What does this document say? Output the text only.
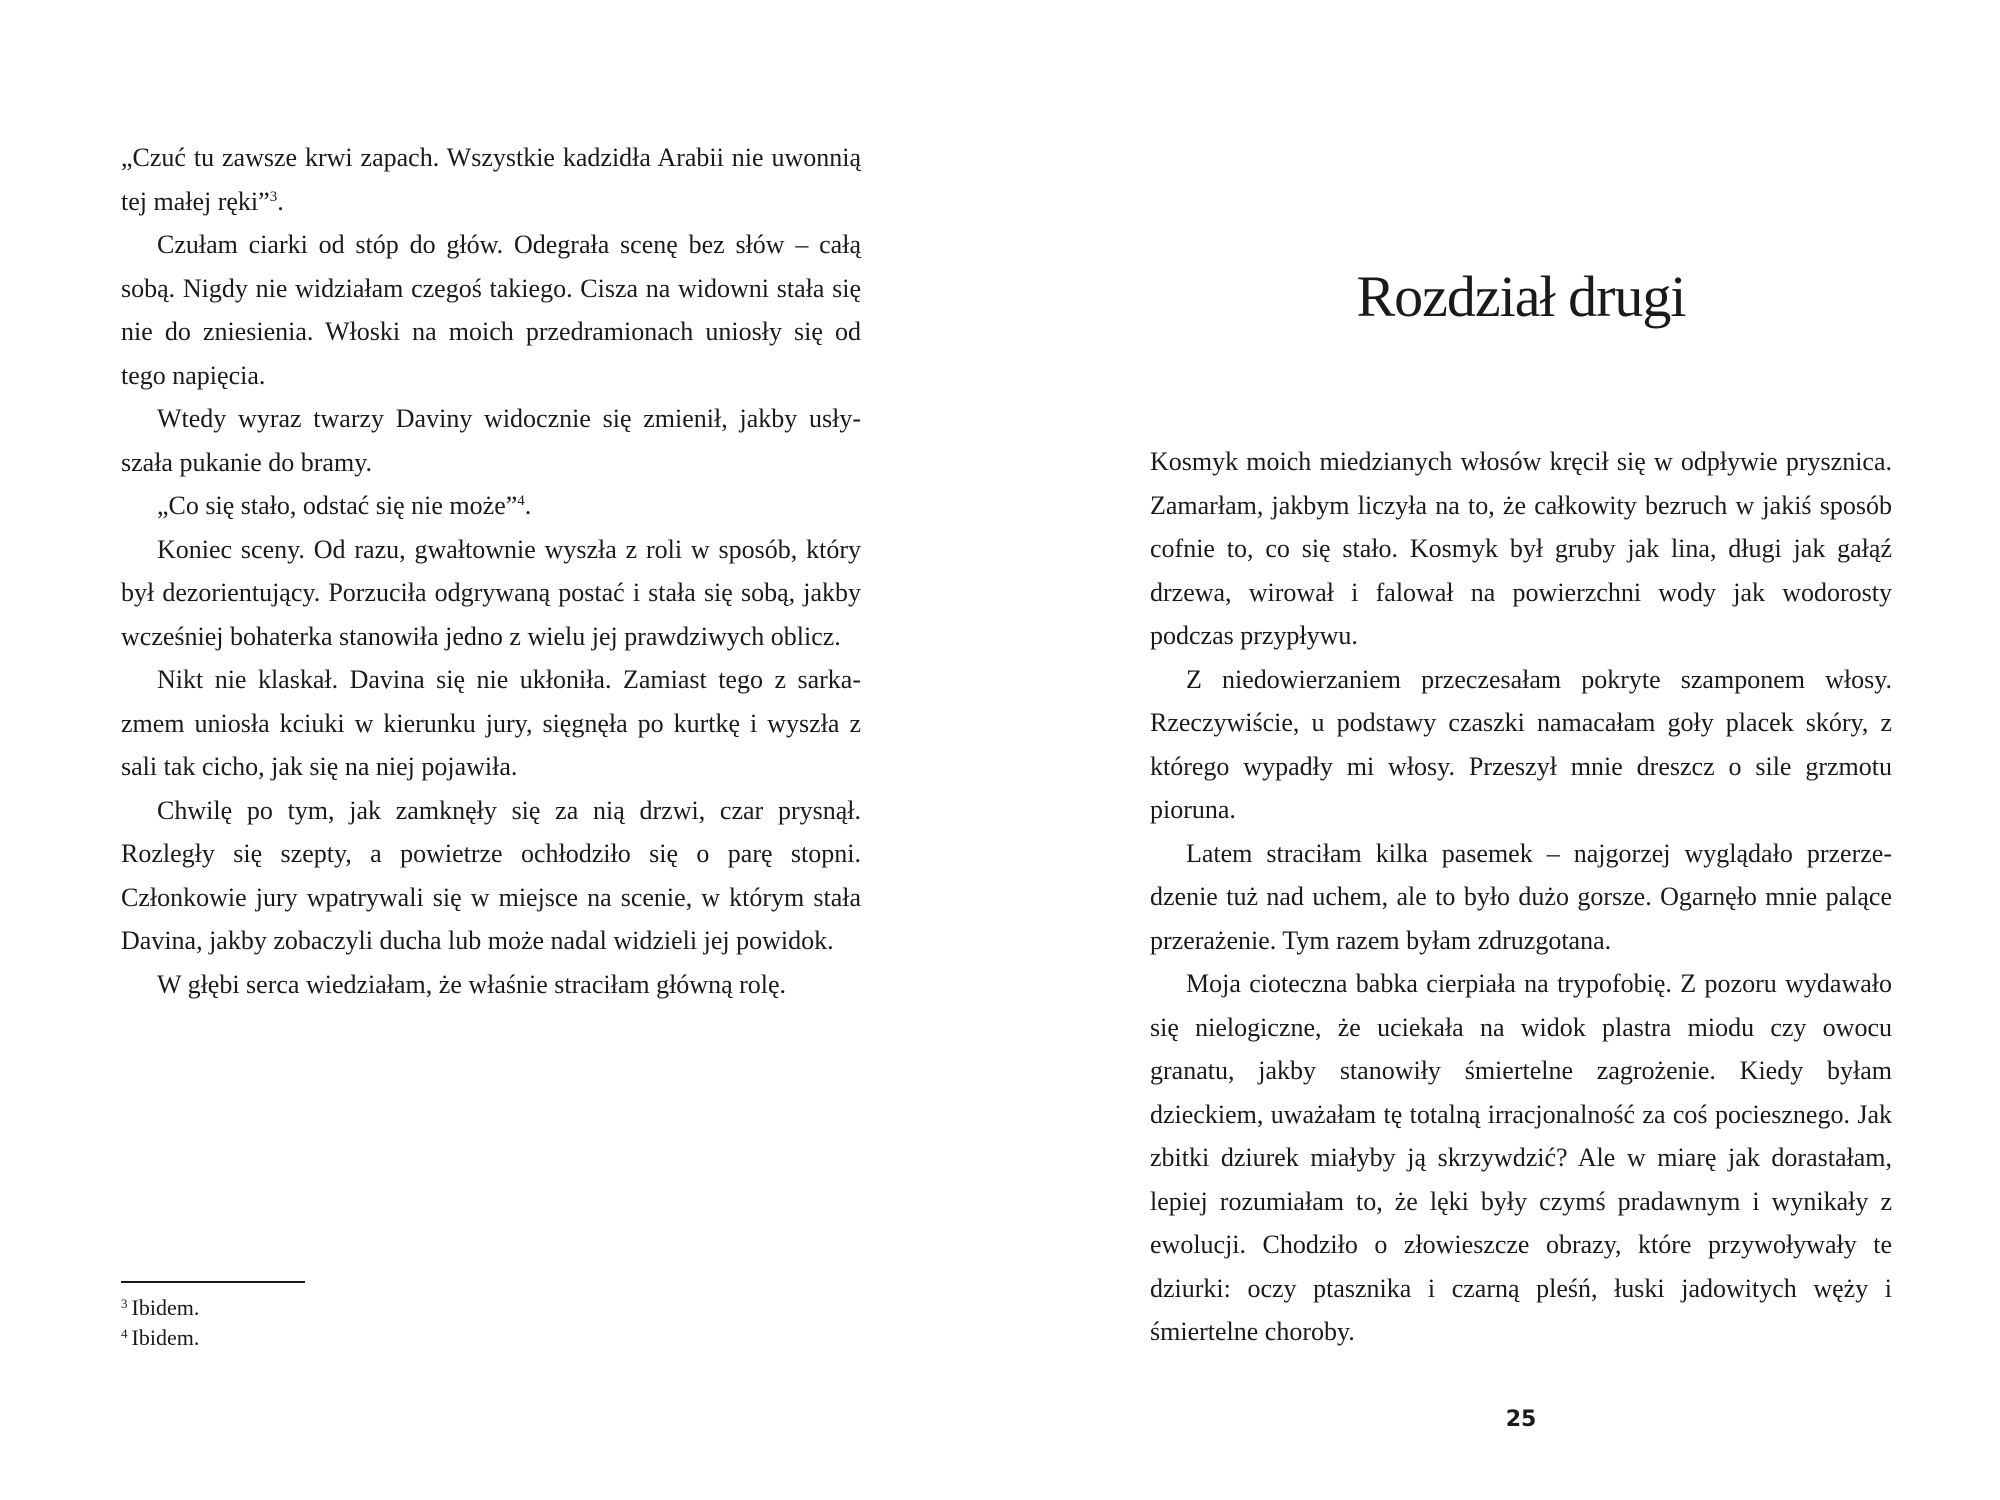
„Czuć tu zawsze krwi zapach. Wszystkie kadzidła Arabii nie uwonnią tej małej ręki”$^3$.

Czułam ciarki od stóp do głów. Odegrała scenę bez słów – całą sobą. Nigdy nie widziałam czegoś takiego. Cisza na widowni stała się nie do zniesienia. Włoski na moich przedramionach uniosły się od tego napięcia.

Wtedy wyraz twarzy Daviny widocznie się zmienił, jakby usłyszała pukanie do bramy.

„Co się stało, odstać się nie może”$^4$.

Koniec sceny. Od razu, gwałtownie wyszła z roli w sposób, który był dezorientujący. Porzuciła odgrywaną postać i stała się sobą, jakby wcześniej bohaterka stanowiła jedno z wielu jej prawdziwych oblicz.

Nikt nie klaskał. Davina się nie ukłoniła. Zamiast tego z sarkazmem uniosła kciuki w kierunku jury, sięgnęła po kurtkę i wyszła z sali tak cicho, jak się na niej pojawiła.

Chwilę po tym, jak zamknęły się za nią drzwi, czar prysnął. Rozległy się szepty, a powietrze ochłodziło się o parę stopni. Członkowie jury wpatrywali się w miejsce na scenie, w którym stała Davina, jakby zobaczyli ducha lub może nadal widzieli jej powidok.

W głębi serca wiedziałam, że właśnie straciłam główną rolę.

$^3$ Ibidem.
$^4$ Ibidem.
Rozdział drugi

Kosmyk moich miedzianych włosów kręcił się w odpływie prysznica. Zamarłam, jakbym liczyła na to, że całkowity bezruch w jakiś sposób cofnie to, co się stało. Kosmyk był gruby jak lina, długi jak gałąź drzewa, wirował i falował na powierzchni wody jak wodorosty podczas przypływu.

Z niedowierzaniem przeczesałam pokryte szamponem włosy. Rzeczywiście, u podstawy czaszki namacałam goły placek skóry, z którego wypadły mi włosy. Przeszył mnie dreszcz o sile grzmotu pioruna.

Latem straciłam kilka pasemek – najgorzej wyglądało przerzedzenie tuż nad uchem, ale to było dużo gorsze. Ogarnęło mnie palące przerażenie. Tym razem byłam zdruzgotana.

Moja cioteczna babka cierpiała na trypofobię. Z pozoru wydawało się nielogiczne, że uciekała na widok plastra miodu czy owocu granatu, jakby stanowiły śmiertelne zagrożenie. Kiedy byłam dzieckiem, uważałam tę totalną irracjonalność za coś pociesznego. Jak zbitki dziurek miałyby ją skrzywdzić? Ale w miarę jak dorastałam, lepiej rozumiałam to, że lęki były czymś pradawnym i wynikały z ewolucji. Chodziło o złowieszcze obrazy, które przywoływały te dziurki: oczy ptasznika i czarną pleśń, łuski jadowitych węży i śmiertelne choroby.

25
